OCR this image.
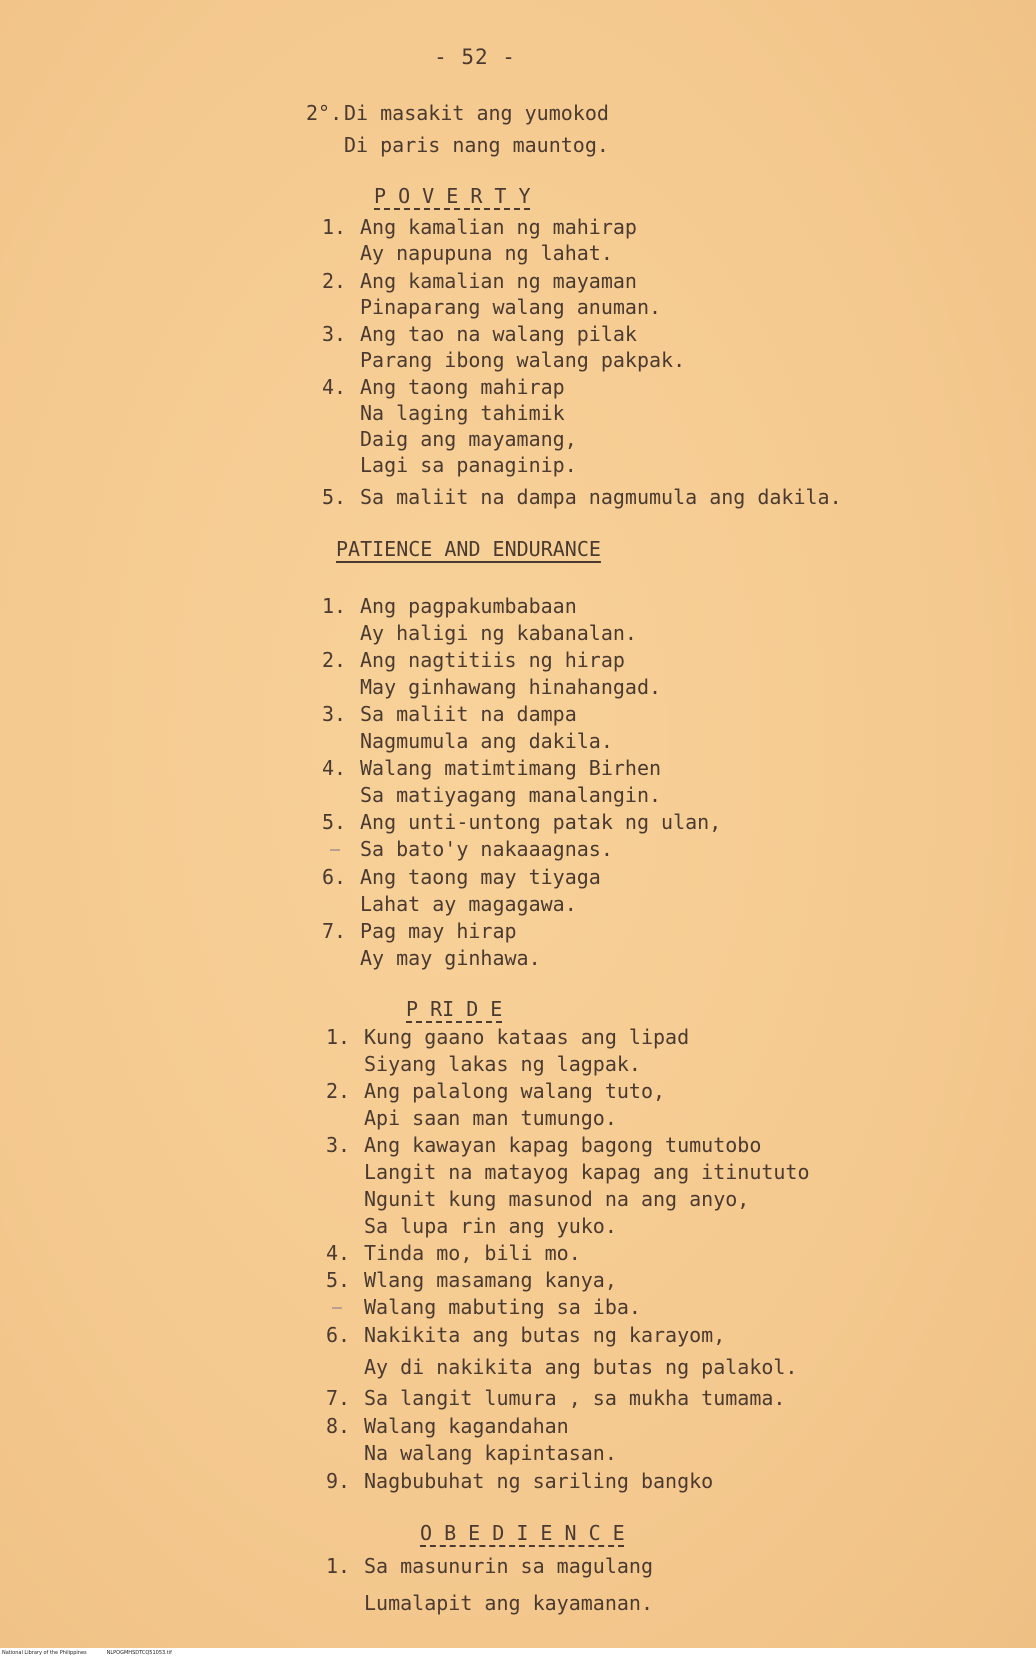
- 52 -
2°.Di masakit ang yumokod
Di paris nang mauntog.
P O V E R T Y
1. Ang kamalian ng mahirap
Ay napupuna ng lahat.
2. Ang kamalian ng mayaman
Pinaparang walang anuman.
3. Ang tao na walang pilak
Parang ibong walang pakpak.
4. Ang taong mahirap
Na laging tahimik
Daig ang mayamang,
Lagi sa panaginip.
5. Sa maliit na dampa nagmumula ang dakila.
PATIENCE AND ENDURANCE
1. Ang pagpakumbabaan
Ay haligi ng kabanalan.
2. Ang nagtitiis ng hirap
May ginhawang hinahangad.
3. Sa maliit na dampa
Nagmumula ang dakila.
4. Walang matimtimang Birhen
Sa matiyagang manalangin.
5. Ang unti-untong patak ng ulan,
Sa bato'y nakaaagnas.
6. Ang taong may tiyaga
Lahat ay magagawa.
7. Pag may hirap
Ay may ginhawa.
P RI D E
1. Kung gaano kataas ang lipad
Siyang lakas ng lagpak.
2. Ang palalong walang tuto,
Api saan man tumungo.
3. Ang kawayan kapag bagong tumutobo
Langit na matayog kapag ang itinututo
Ngunit kung masunod na ang anyo,
Sa lupa rin ang yuko.
4. Tinda mo, bili mo.
5. Wlang masamang kanya,
Walang mabuting sa iba.
6. Nakikita ang butas ng karayom,
Ay di nakikita ang butas ng palakol.
7. Sa langit lumura , sa mukha tumama.
8. Walang kagandahan
Na walang kapintasan.
9. Nagbubuhat ng sariling bangko
O B E D I E N C E
1. Sa masunurin sa magulang
Lumalapit ang kayamanan.
National Library of the Philippines	NLPOGMHSDTCQ51053.tif
